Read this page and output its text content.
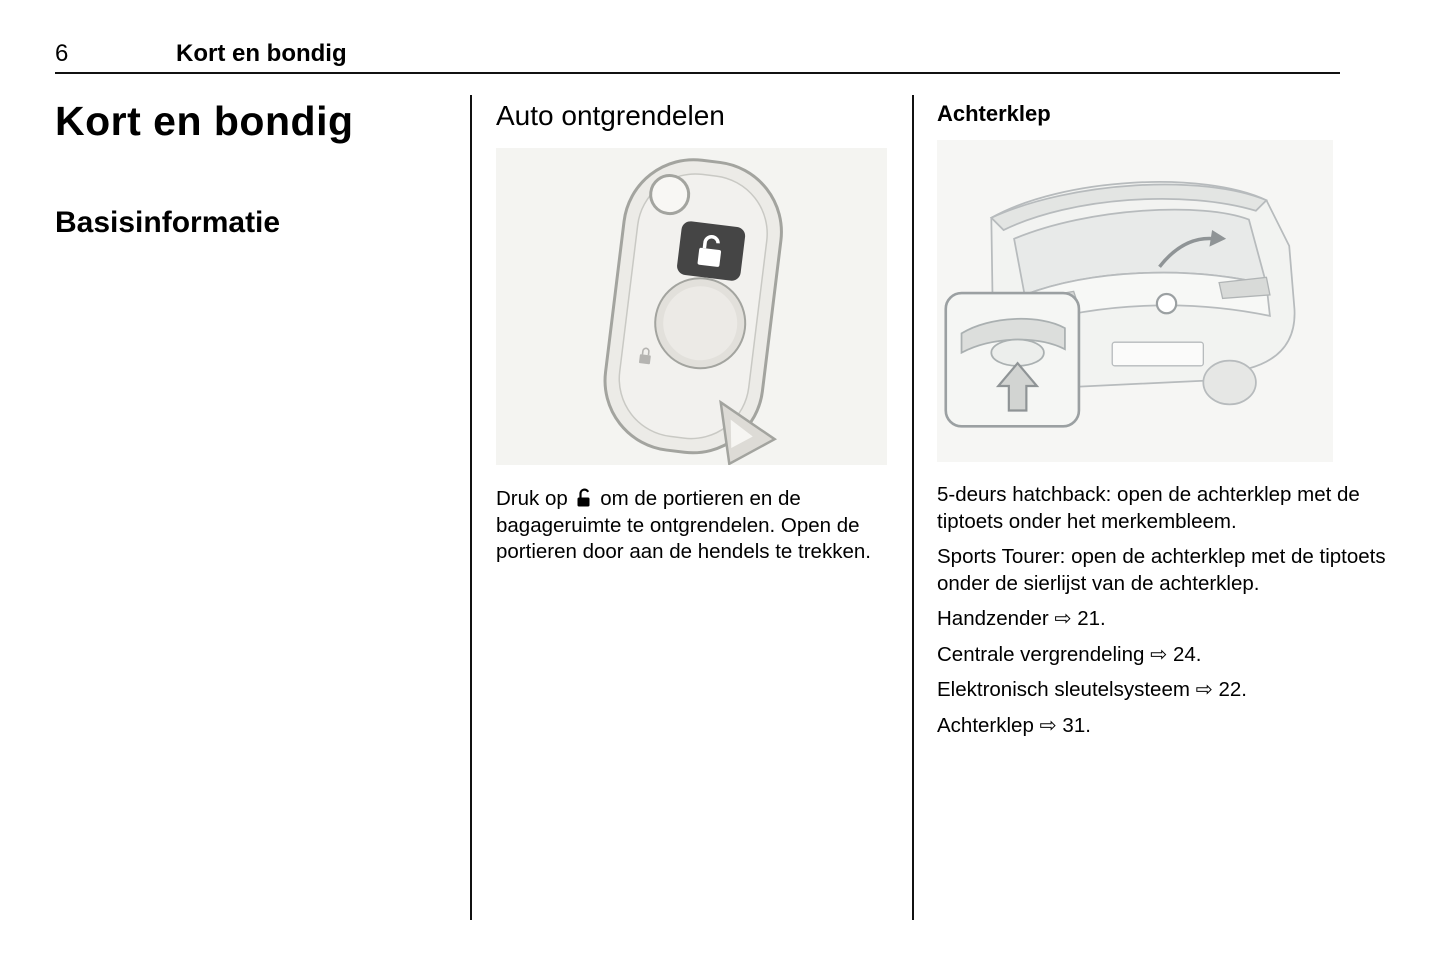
6	Kort en bondig
Kort en bondig
Basisinformatie
Auto ontgrendelen

Druk op om de portieren en de bagageruimte te ontgrendelen. Open de portieren door aan de hendels te trekken.

Achterklep

5-deurs hatchback: open de achterklep met de tiptoets onder het merkembleem.

Sports Tourer: open de achterklep met de tiptoets onder de sierlijst van de achterklep.

Handzender ⇨ 21.
Centrale vergrendeling ⇨ 24.
Elektronisch sleutelsysteem ⇨ 22.
Achterklep ⇨ 31.
